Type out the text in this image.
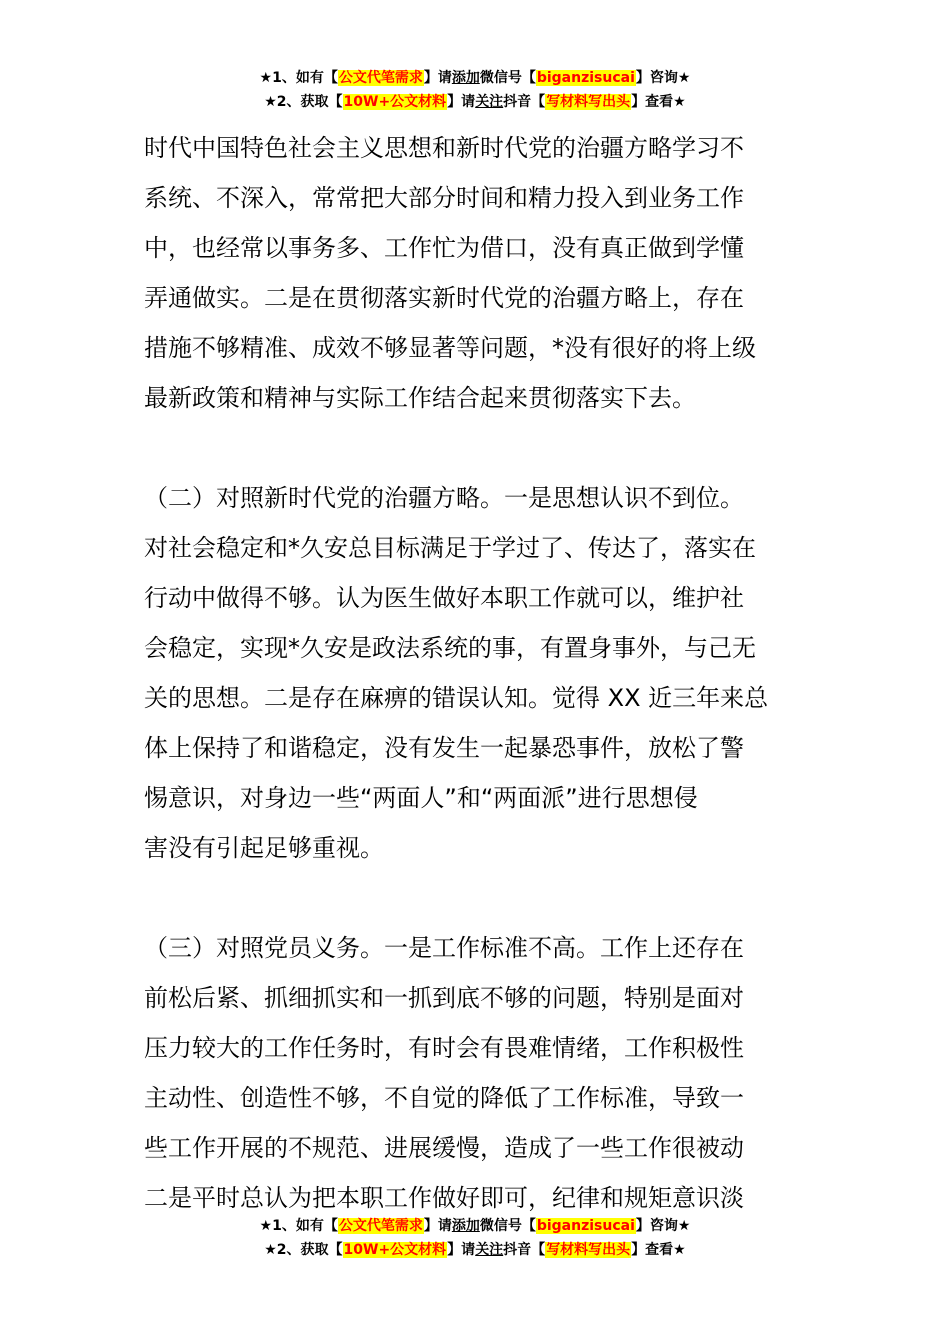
★1、如有【公文代笔需求】请添加微信号【biganzisucai】咨询★
★2、获取【10W+公文材料】请关注抖音【写材料写出头】查看★
时代中国特色社会主义思想和新时代党的治疆方略学习不
系统、不深入，常常把大部分时间和精力投入到业务工作
中，也经常以事务多、工作忙为借口，没有真正做到学懂
弄通做实。二是在贯彻落实新时代党的治疆方略上，存在
措施不够精准、成效不够显著等问题，*没有很好的将上级
最新政策和精神与实际工作结合起来贯彻落实下去。
（二）对照新时代党的治疆方略。一是思想认识不到位。
对社会稳定和*久安总目标满足于学过了、传达了，落实在
行动中做得不够。认为医生做好本职工作就可以，维护社
会稳定，实现*久安是政法系统的事，有置身事外，与己无
关的思想。二是存在麻痹的错误认知。觉得 XX 近三年来总
体上保持了和谐稳定，没有发生一起暴恐事件，放松了警
惕意识，对身边一些“两面人”和“两面派”进行思想侵
害没有引起足够重视。
（三）对照党员义务。一是工作标准不高。工作上还存在
前松后紧、抓细抓实和一抓到底不够的问题，特别是面对
压力较大的工作任务时，有时会有畏难情绪，工作积极性
主动性、创造性不够，不自觉的降低了工作标准，导致一
些工作开展的不规范、进展缓慢，造成了一些工作很被动
二是平时总认为把本职工作做好即可，纪律和规矩意识淡
★1、如有【公文代笔需求】请添加微信号【biganzisucai】咨询★
★2、获取【10W+公文材料】请关注抖音【写材料写出头】查看★
